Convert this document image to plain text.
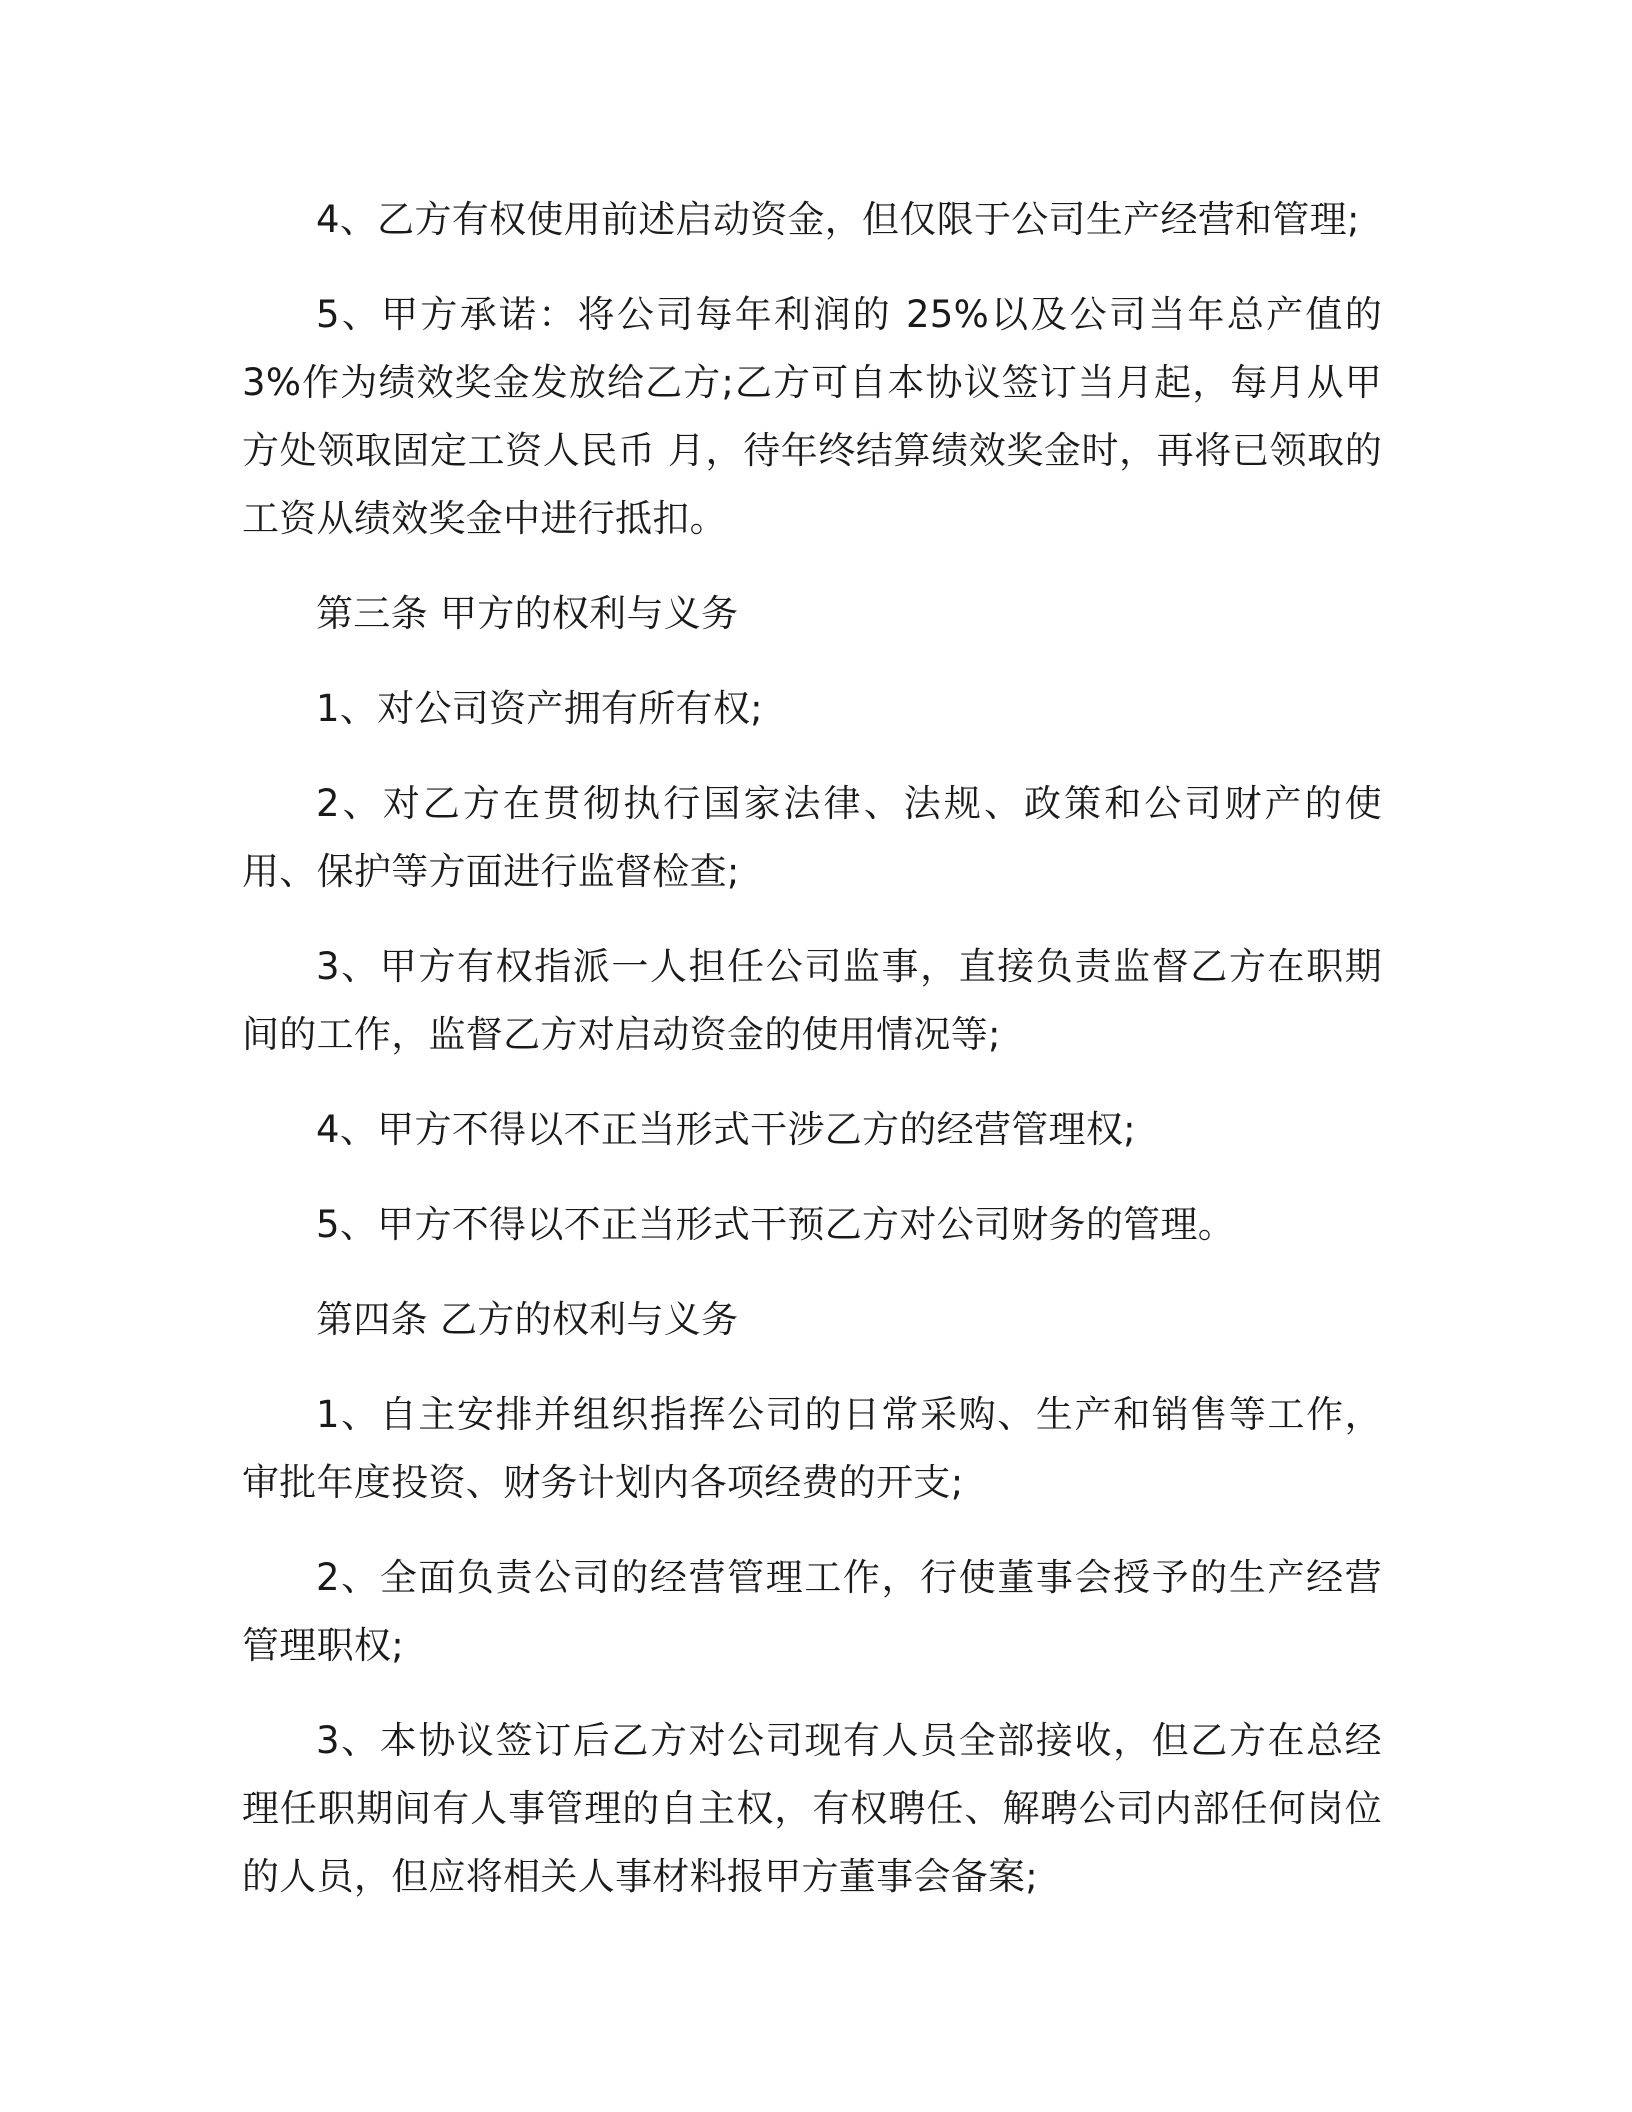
4、乙方有权使用前述启动资金，但仅限于公司生产经营和管理;

5、甲方承诺：将公司每年利润的 25%以及公司当年总产值的 3%作为绩效奖金发放给乙方;乙方可自本协议签订当月起，每月从甲方处领取固定工资人民币 月，待年终结算绩效奖金时，再将已领取的工资从绩效奖金中进行抵扣。

第三条 甲方的权利与义务

1、对公司资产拥有所有权;

2、对乙方在贯彻执行国家法律、法规、政策和公司财产的使用、保护等方面进行监督检查;

3、甲方有权指派一人担任公司监事，直接负责监督乙方在职期间的工作，监督乙方对启动资金的使用情况等;

4、甲方不得以不正当形式干涉乙方的经营管理权;

5、甲方不得以不正当形式干预乙方对公司财务的管理。

第四条 乙方的权利与义务

1、自主安排并组织指挥公司的日常采购、生产和销售等工作，审批年度投资、财务计划内各项经费的开支;

2、全面负责公司的经营管理工作，行使董事会授予的生产经营管理职权;

3、本协议签订后乙方对公司现有人员全部接收，但乙方在总经理任职期间有人事管理的自主权，有权聘任、解聘公司内部任何岗位的人员，但应将相关人事材料报甲方董事会备案;
